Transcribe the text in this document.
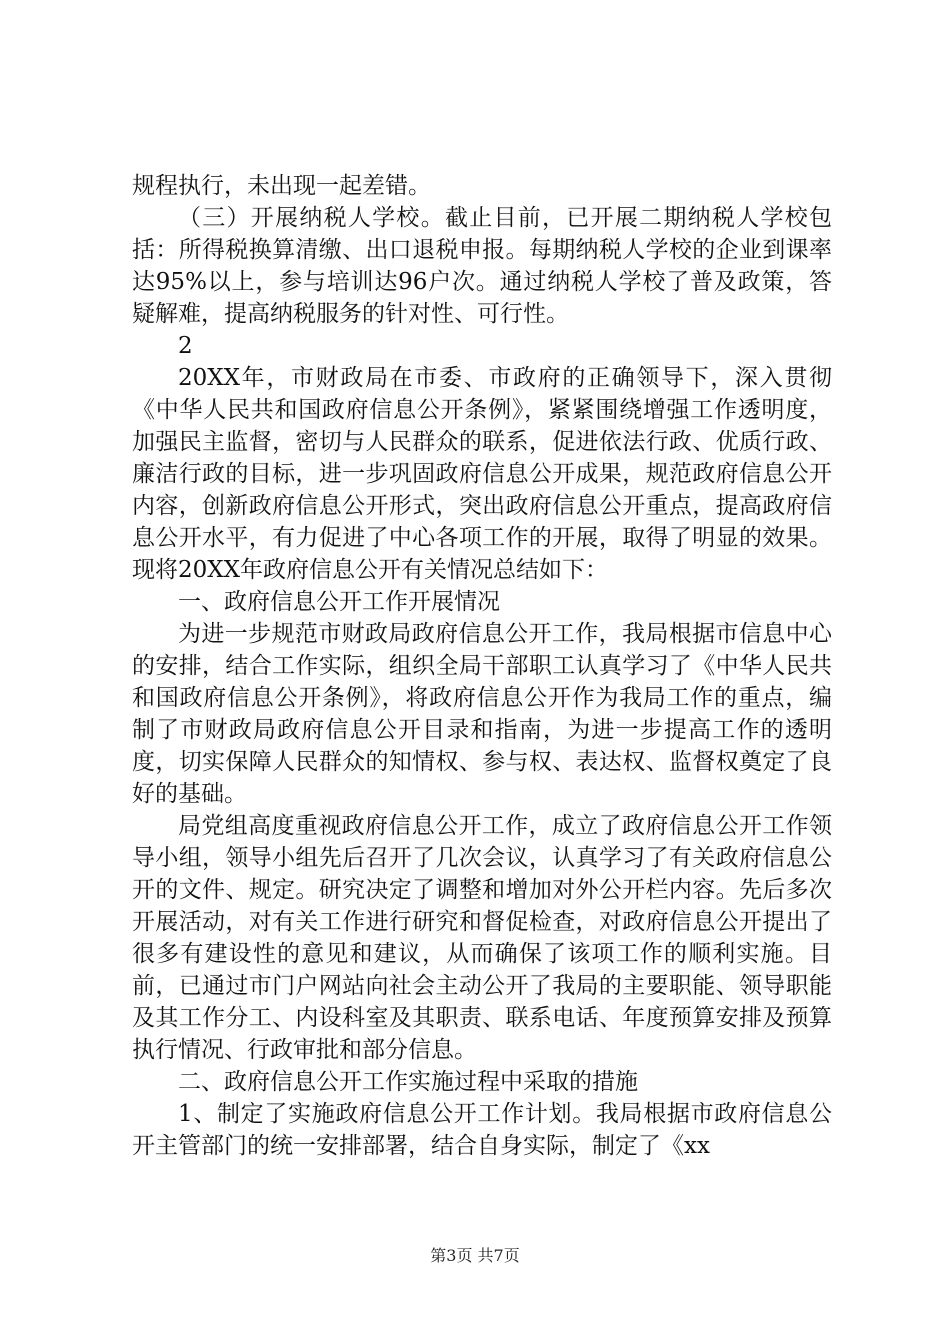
规程执行，未出现一起差错。

（三）开展纳税人学校。截止目前，已开展二期纳税人学校包括：所得税换算清缴、出口退税申报。每期纳税人学校的企业到课率达95%以上，参与培训达96户次。通过纳税人学校了普及政策，答疑解难，提高纳税服务的针对性、可行性。

2

20XX年，市财政局在市委、市政府的正确领导下，深入贯彻《中华人民共和国政府信息公开条例》，紧紧围绕增强工作透明度，加强民主监督，密切与人民群众的联系，促进依法行政、优质行政、廉洁行政的目标，进一步巩固政府信息公开成果，规范政府信息公开内容，创新政府信息公开形式，突出政府信息公开重点，提高政府信息公开水平，有力促进了中心各项工作的开展，取得了明显的效果。现将20XX年政府信息公开有关情况总结如下：

一、政府信息公开工作开展情况

为进一步规范市财政局政府信息公开工作，我局根据市信息中心的安排，结合工作实际，组织全局干部职工认真学习了《中华人民共和国政府信息公开条例》，将政府信息公开作为我局工作的重点，编制了市财政局政府信息公开目录和指南，为进一步提高工作的透明度，切实保障人民群众的知情权、参与权、表达权、监督权奠定了良好的基础。

局党组高度重视政府信息公开工作，成立了政府信息公开工作领导小组，领导小组先后召开了几次会议，认真学习了有关政府信息公开的文件、规定。研究决定了调整和增加对外公开栏内容。先后多次开展活动，对有关工作进行研究和督促检查，对政府信息公开提出了很多有建设性的意见和建议，从而确保了该项工作的顺利实施。目前，已通过市门户网站向社会主动公开了我局的主要职能、领导职能及其工作分工、内设科室及其职责、联系电话、年度预算安排及预算执行情况、行政审批和部分信息。

二、政府信息公开工作实施过程中采取的措施

1、制定了实施政府信息公开工作计划。我局根据市政府信息公开主管部门的统一安排部署，结合自身实际，制定了《xx

第3页 共7页
